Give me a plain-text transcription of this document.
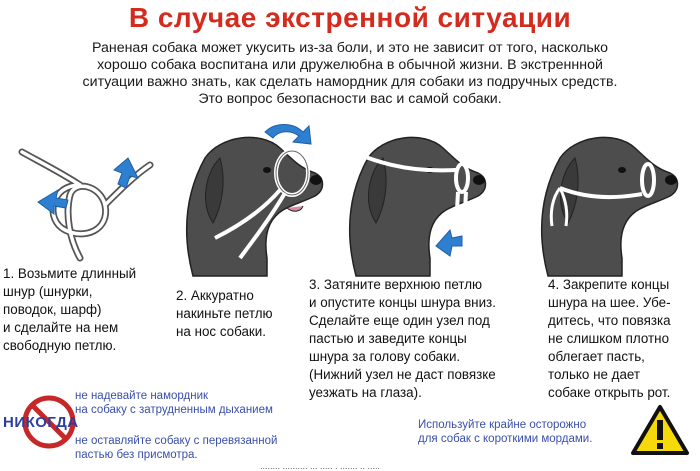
В случае экстренной ситуации
Раненая собака может укусить из-за боли, и это не зависит от того, насколько
хорошо собака воспитана или дружелюбна в обычной жизни. В экстреннной
ситуации важно знать, как сделать намордник для собаки из подручных средств.
Это вопрос безопасности вас и самой собаки.
1. Возьмите длинный
шнур (шнурки,
поводок, шарф)
и сделайте на нем
свободную петлю.
2. Аккуратно
накиньте петлю
на нос собаки.
3. Затяните верхнюю петлю
и опустите концы шнура вниз.
Сделайте еще один узел под
пастью и заведите концы
шнура за голову собаки.
(Нижний узел не даст повязке
уезжать на глаза).
4. Закрепите концы
шнура на шее. Убе-
дитесь, что повязка
не слишком плотно
облегает пасть,
только не дает
собаке открыть рот.
НИКОГДА
не надевайте намордник
на собаку с затрудненным дыханием
не оставляйте собаку с перевязанной
пастью без присмотра.
Используйте крайне осторожно
для собак с короткими мордами.
........ .......... ... ..... . ....... .. .....
